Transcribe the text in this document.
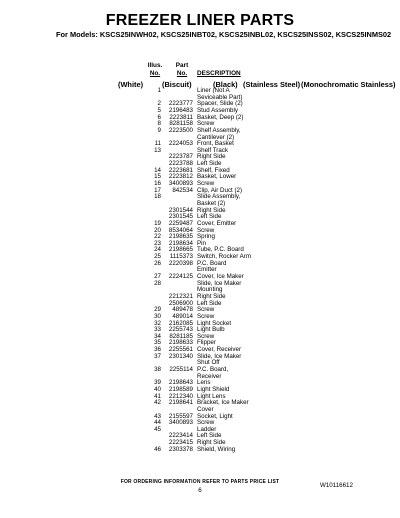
FREEZER LINER PARTS
For Models: KSCS25INWH02, KSCS25INBT02, KSCS25INBL02, KSCS25INSS02, KSCS25INMS02
(White)	(Biscuit)	(Black) (Stainless Steel) (Monochromatic Stainless)
Illus.
No.
Part
No.	DESCRIPTION
1	Liner (Not A
Seviceable Part)
2	2223777 Spacer, Slide (2)
5	2196483 Stud Assembly
6	2223811 Basket, Deep (2)
8	8281158 Screw
9	2223500 Shelf Assembly,
Cantilever (2)
11	2224053 Front, Basket
13	Shelf Track
2223787 Right Side
2223788 Left Side
14	2223681 Shelf, Fixed
15	2223812 Basket, Lower
16	3400893 Screw
17	842534 Clip, Air Duct (2)
18	Slide Assembly,
Basket (2)
2301544 Right Side
2301545 Left Side
19	2259487 Cover, Emitter
20	8534064 Screw
22	2198635 Spring
23	2198634 Pin
24	2198665 Tube, P.C. Board
25	1115373 Switch, Rocker Arm
26	2220398 P.C. Board
Emitter
27	2224125 Cover, Ice Maker
28	Slide, Ice Maker
Mounting
2212321 Right Side
2506900 Left Side
29	489478 Screw
30	489014 Screw
32	2162085 Light Socket
33	2255743 Light Bulb
34	8281185 Screw
35	2198633 Flipper
36	2255561 Cover, Receiver
37	2301340 Slide, Ice Maker
Shut Off
38	2255114 P.C. Board,
Receiver
39	2198643 Lens
40	2198589 Light Shield
41	2212340 Light Lens
42	2198641 Bracket, Ice Maker
Cover
43	2155597 Socket, Light
44	3400893 Screw
45	Ladder
2223414 Left Side
2223415 Right Side
46	2303378 Shield, Wiring
FOR ORDERING INFORMATION REFER TO PARTS PRICE LIST
6
W10116612
